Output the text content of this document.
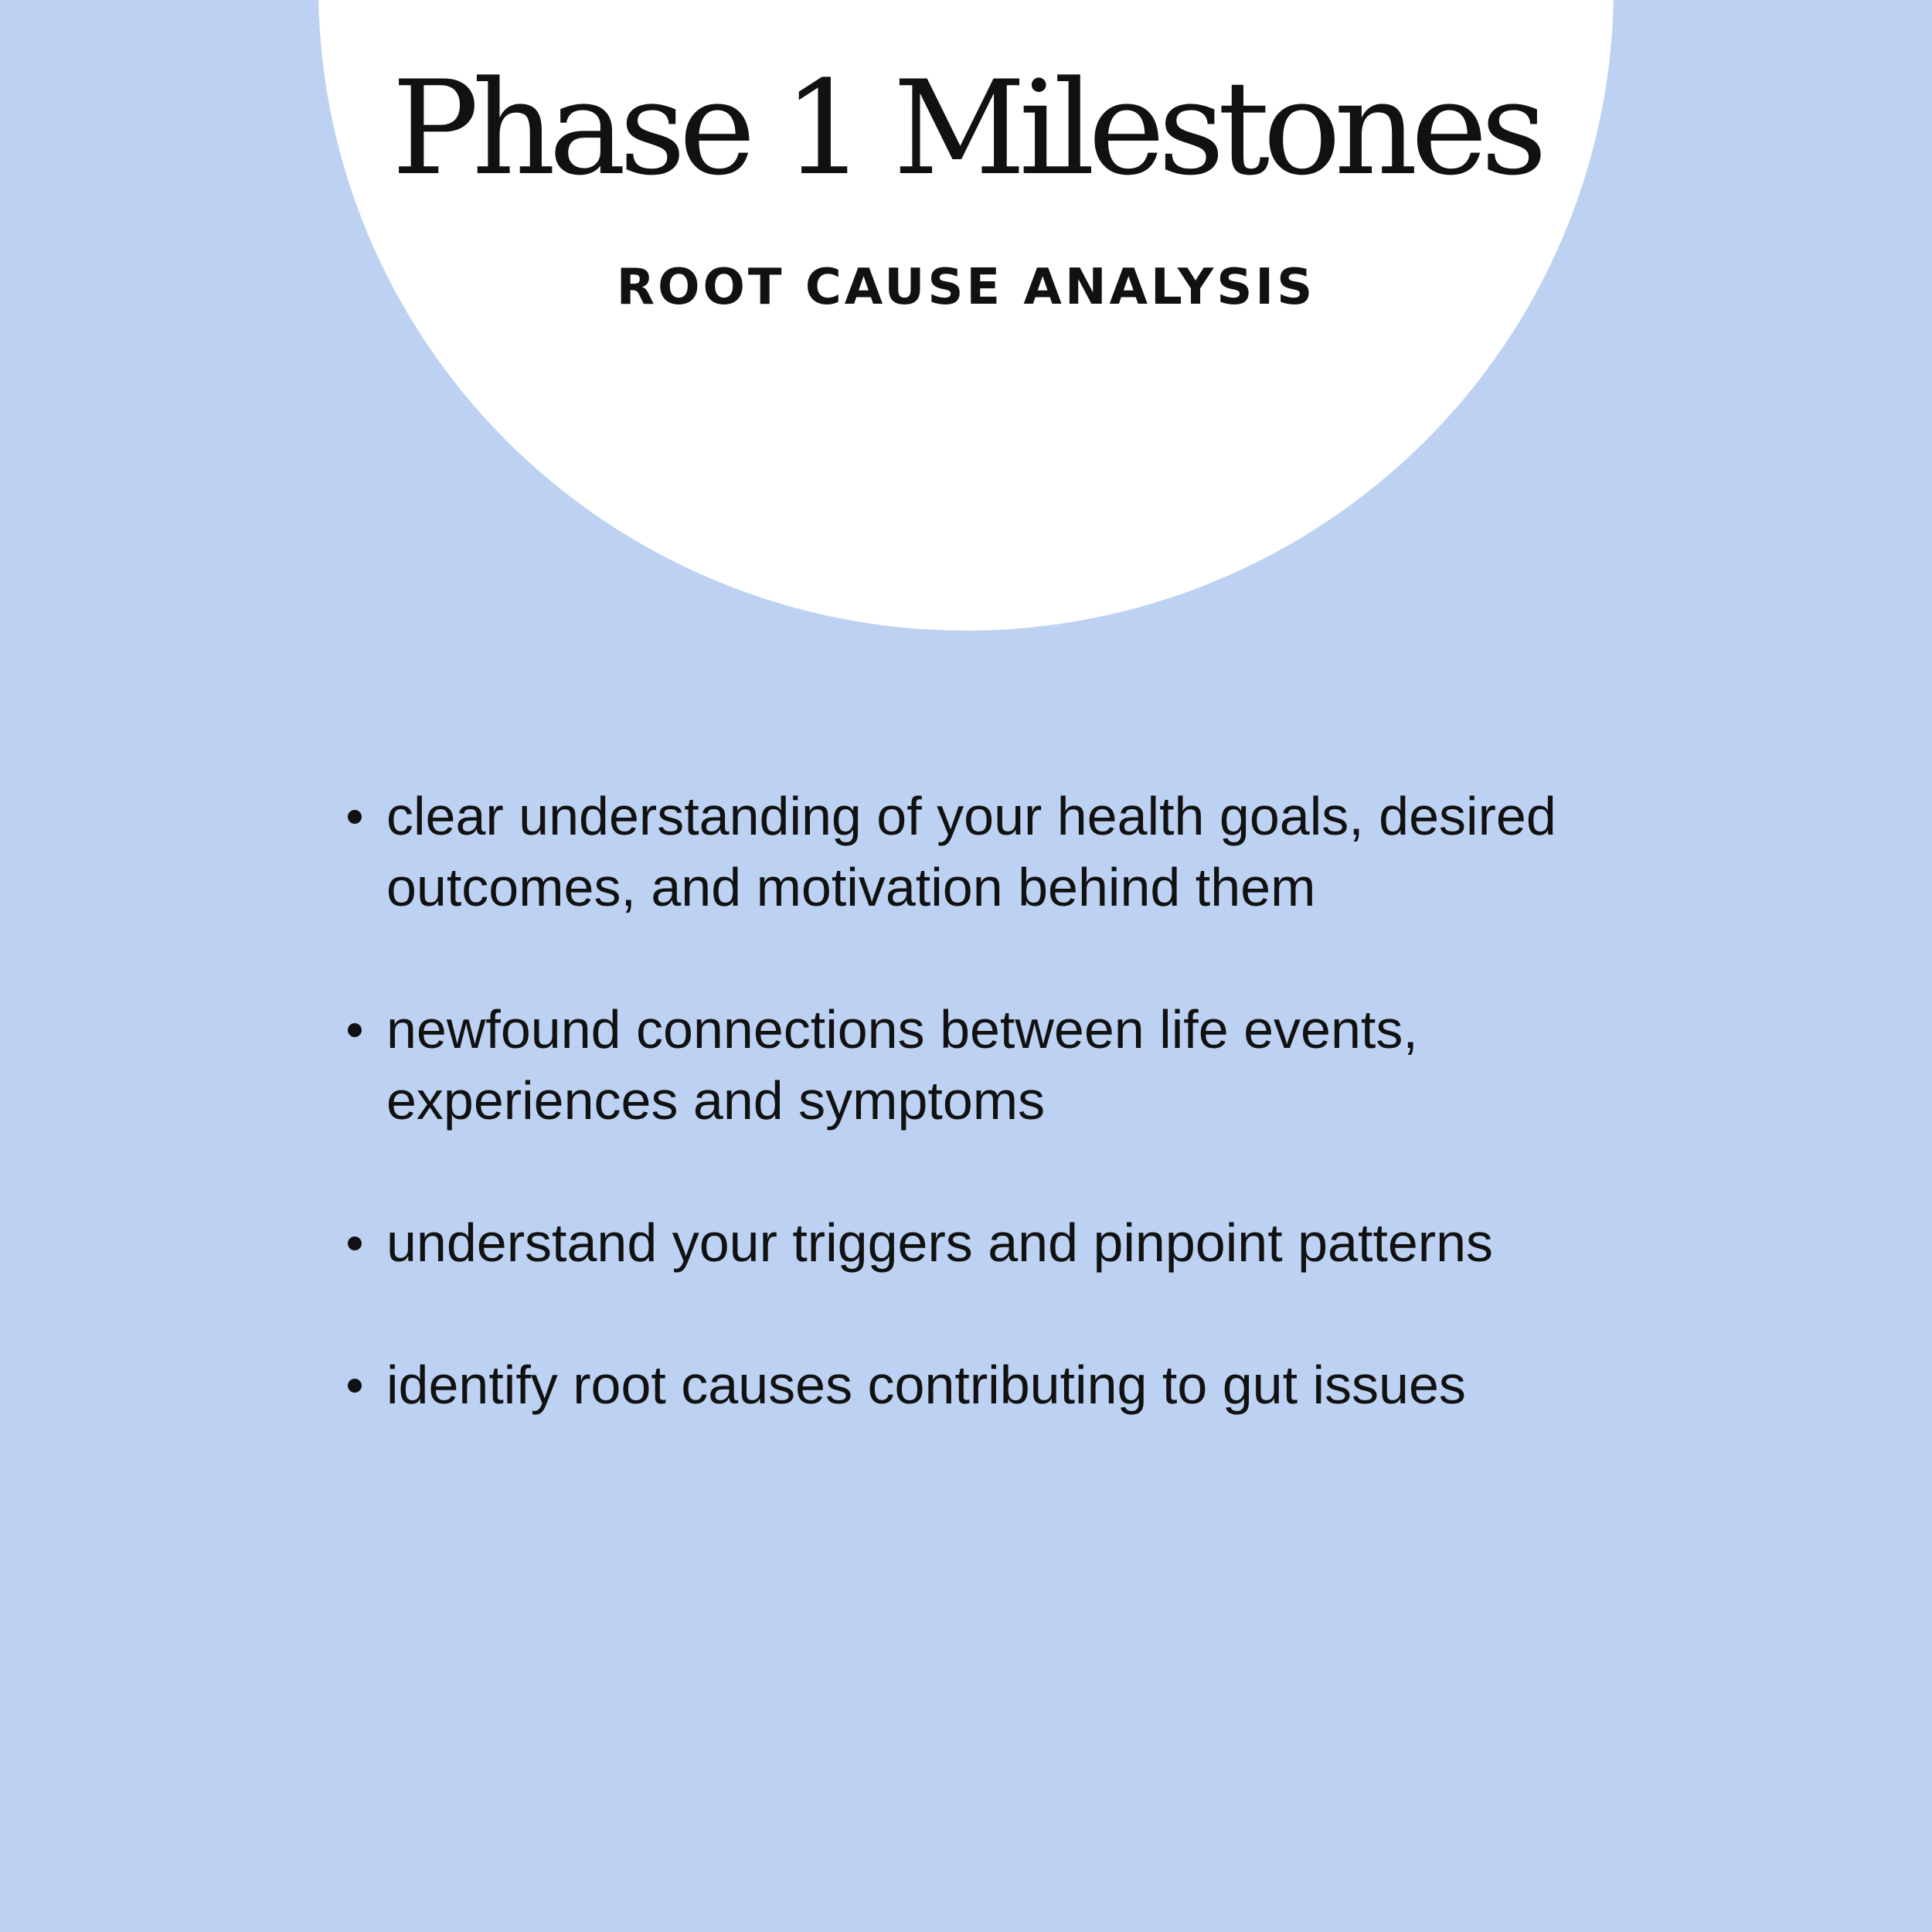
Phase 1 Milestones
ROOT CAUSE ANALYSIS
clear understanding of your health goals, desired outcomes, and motivation behind them
newfound connections between life events, experiences and symptoms
understand your triggers and pinpoint patterns
identify root causes contributing to gut issues
